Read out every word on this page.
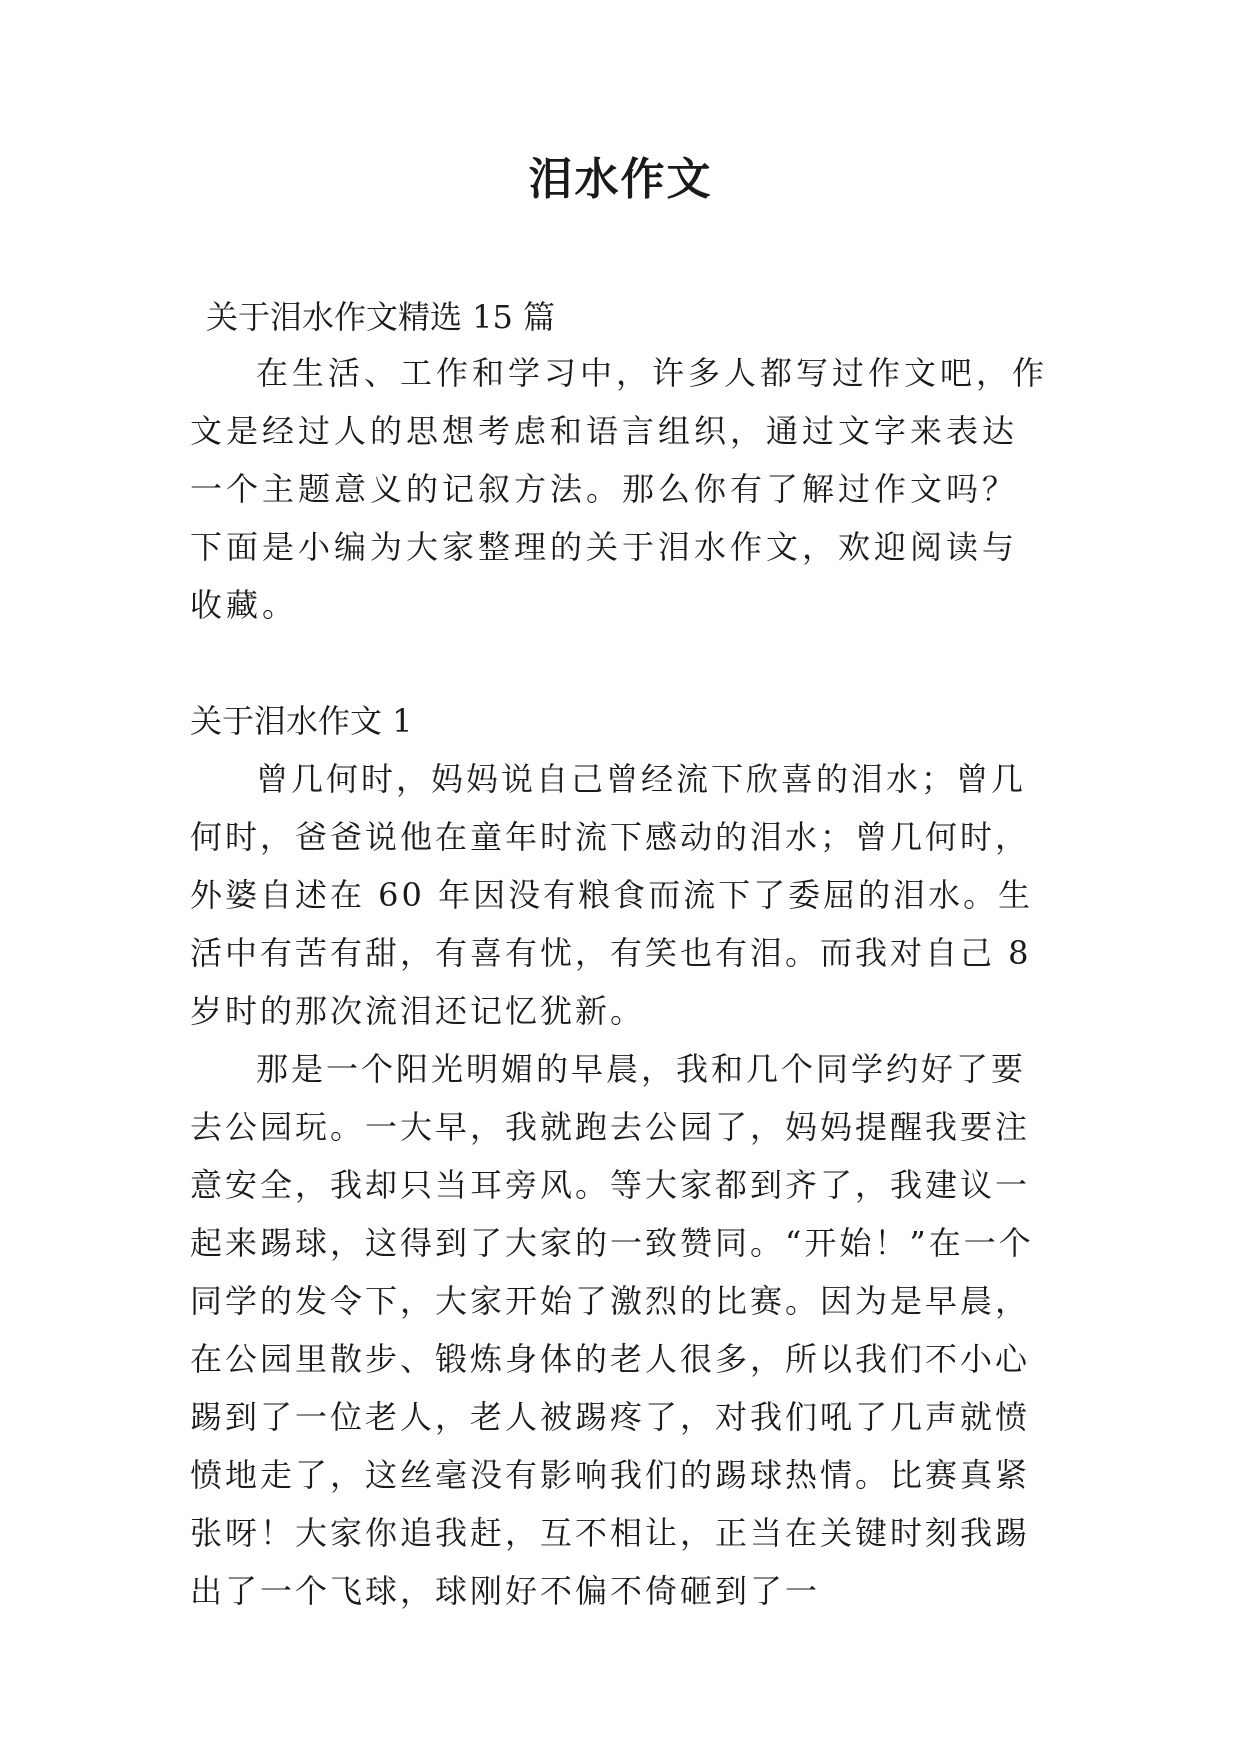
泪水作文

关于泪水作文精选 15 篇

在生活、工作和学习中，许多人都写过作文吧，作文是经过人的思想考虑和语言组织，通过文字来表达一个主题意义的记叙方法。那么你有了解过作文吗？下面是小编为大家整理的关于泪水作文，欢迎阅读与收藏。

关于泪水作文 1

曾几何时，妈妈说自己曾经流下欣喜的泪水；曾几何时，爸爸说他在童年时流下感动的泪水；曾几何时，外婆自述在 60 年因没有粮食而流下了委屈的泪水。生活中有苦有甜，有喜有忧，有笑也有泪。而我对自己 8 岁时的那次流泪还记忆犹新。

那是一个阳光明媚的早晨，我和几个同学约好了要去公园玩。一大早，我就跑去公园了，妈妈提醒我要注意安全，我却只当耳旁风。等大家都到齐了，我建议一起来踢球，这得到了大家的一致赞同。“开始！”在一个同学的发令下，大家开始了激烈的比赛。因为是早晨，在公园里散步、锻炼身体的老人很多，所以我们不小心踢到了一位老人，老人被踢疼了，对我们吼了几声就愤愤地走了，这丝毫没有影响我们的踢球热情。比赛真紧张呀！大家你追我赶，互不相让，正当在关键时刻我踢出了一个飞球，球刚好不偏不倚砸到了一
